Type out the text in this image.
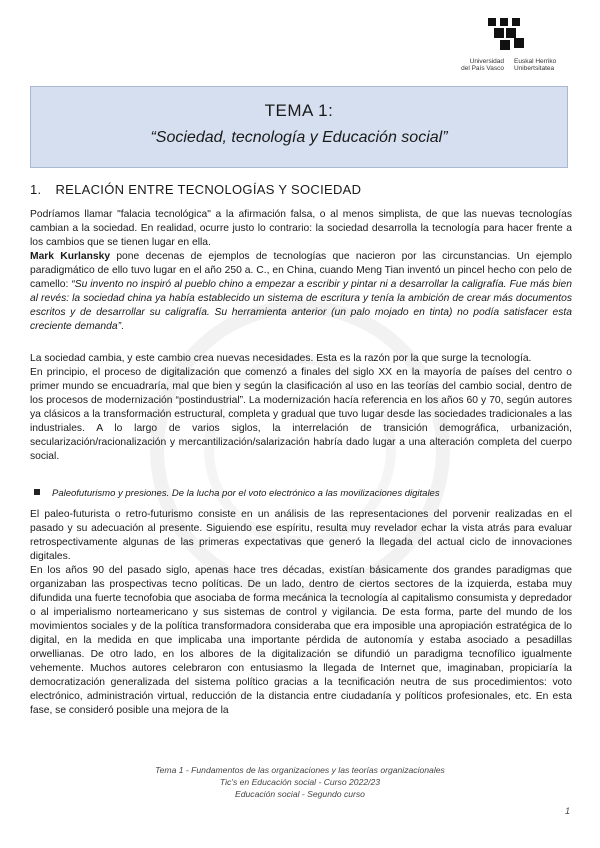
Universidad
del País Vasco
Euskal Herriko
Unibertsitatea
TEMA 1:
“Sociedad, tecnología y Educación social”
1. RELACIÓN ENTRE TECNOLOGÍAS Y SOCIEDAD

Podríamos llamar "falacia tecnológica" a la afirmación falsa, o al menos simplista, de que las nuevas tecnologías cambian a la sociedad. En realidad, ocurre justo lo contrario: la sociedad desarrolla la tecnología para hacer frente a los cambios que se tienen lugar en ella.

Mark Kurlansky pone decenas de ejemplos de tecnologías que nacieron por las circunstancias. Un ejemplo paradigmático de ello tuvo lugar en el año 250 a. C., en China, cuando Meng Tian inventó un pincel hecho con pelo de camello: “Su invento no inspiró al pueblo chino a empezar a escribir y pintar ni a desarrollar la caligrafía. Fue más bien al revés: la sociedad china ya había establecido un sistema de escritura y tenía la ambición de crear más documentos escritos y de desarrollar su caligrafía. Su herramienta anterior (un palo mojado en tinta) no podía satisfacer esta creciente demanda”.

La sociedad cambia, y este cambio crea nuevas necesidades. Esta es la razón por la que surge la tecnología.

En principio, el proceso de digitalización que comenzó a finales del siglo XX en la mayoría de países del centro o primer mundo se encuadraría, mal que bien y según la clasificación al uso en las teorías del cambio social, dentro de los procesos de modernización “postindustrial”. La modernización hacía referencia en los años 60 y 70, según autores ya clásicos a la transformación estructural, completa y gradual que tuvo lugar desde las sociedades tradicionales a las industriales. A lo largo de varios siglos, la interrelación de transición demográfica, urbanización, secularización/racionalización y mercantilización/salarización habría dado lugar a una alteración completa del cuerpo social.

Paleofuturismo y presiones. De la lucha por el voto electrónico a las movilizaciones digitales

El paleo-futurista o retro-futurismo consiste en un análisis de las representaciones del porvenir realizadas en el pasado y su adecuación al presente. Siguiendo ese espíritu, resulta muy revelador echar la vista atrás para evaluar retrospectivamente algunas de las primeras expectativas que generó la llegada del actual ciclo de innovaciones digitales.

En los años 90 del pasado siglo, apenas hace tres décadas, existían básicamente dos grandes paradigmas que organizaban las prospectivas tecno políticas. De un lado, dentro de ciertos sectores de la izquierda, estaba muy difundida una fuerte tecnofobia que asociaba de forma mecánica la tecnología al capitalismo consumista y depredador o al imperialismo norteamericano y sus sistemas de control y vigilancia. De esta forma, parte del mundo de los movimientos sociales y de la política transformadora consideraba que era imposible una apropiación estratégica de lo digital, en la medida en que implicaba una importante pérdida de autonomía y estaba asociado a pesadillas orwellianas. De otro lado, en los albores de la digitalización se difundió un paradigma tecnofílico igualmente vehemente. Muchos autores celebraron con entusiasmo la llegada de Internet que, imaginaban, propiciaría la democratización generalizada del sistema político gracias a la tecnificación neutra de sus procedimientos: voto electrónico, administración virtual, reducción de la distancia entre ciudadanía y políticos profesionales, etc. En esta fase, se consideró posible una mejora de la

Tema 1 - Fundamentos de las organizaciones y las teorías organizacionales
Tic's en Educación social - Curso 2022/23
Educación social - Segundo curso
1
